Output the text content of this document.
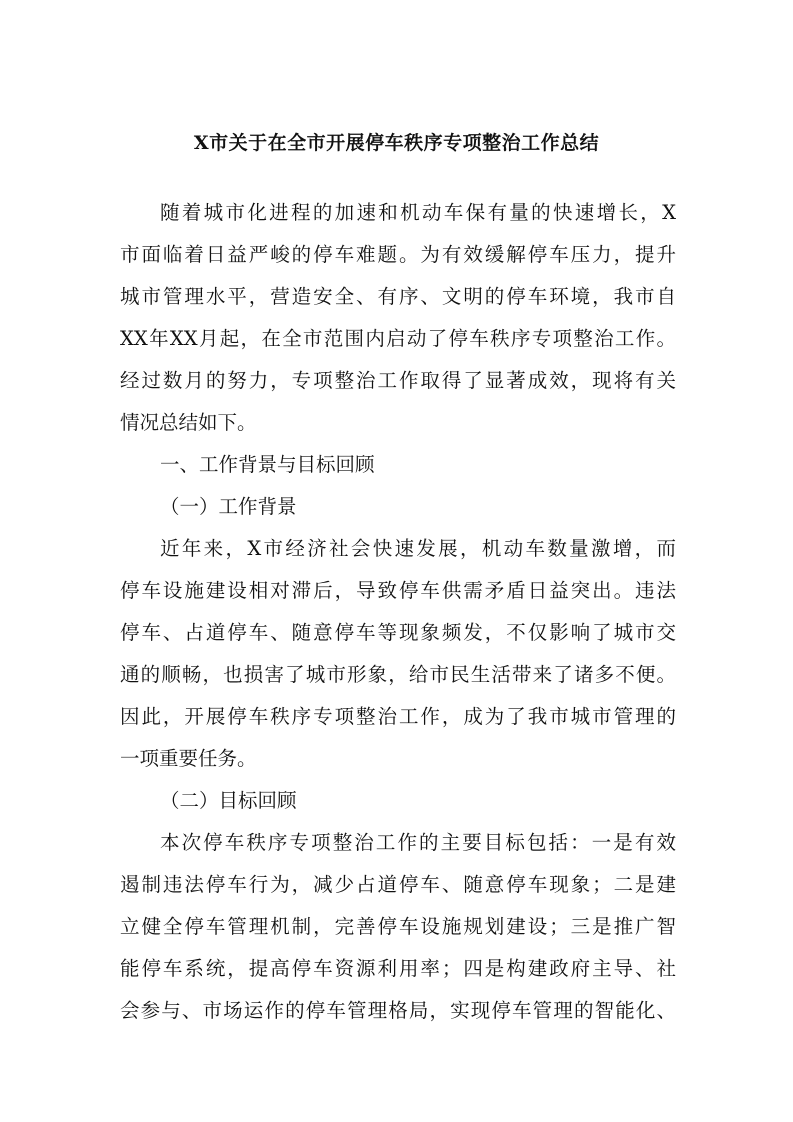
X市关于在全市开展停车秩序专项整治工作总结
随着城市化进程的加速和机动车保有量的快速增长，X
市面临着日益严峻的停车难题。为有效缓解停车压力，提升
城市管理水平，营造安全、有序、文明的停车环境，我市自
XX年XX月起，在全市范围内启动了停车秩序专项整治工作。
经过数月的努力，专项整治工作取得了显著成效，现将有关
情况总结如下。
一、工作背景与目标回顾
（一）工作背景
近年来，X市经济社会快速发展，机动车数量激增，而
停车设施建设相对滞后，导致停车供需矛盾日益突出。违法
停车、占道停车、随意停车等现象频发，不仅影响了城市交
通的顺畅，也损害了城市形象，给市民生活带来了诸多不便。
因此，开展停车秩序专项整治工作，成为了我市城市管理的
一项重要任务。
（二）目标回顾
本次停车秩序专项整治工作的主要目标包括：一是有效
遏制违法停车行为，减少占道停车、随意停车现象；二是建
立健全停车管理机制，完善停车设施规划建设；三是推广智
能停车系统，提高停车资源利用率；四是构建政府主导、社
会参与、市场运作的停车管理格局，实现停车管理的智能化、
